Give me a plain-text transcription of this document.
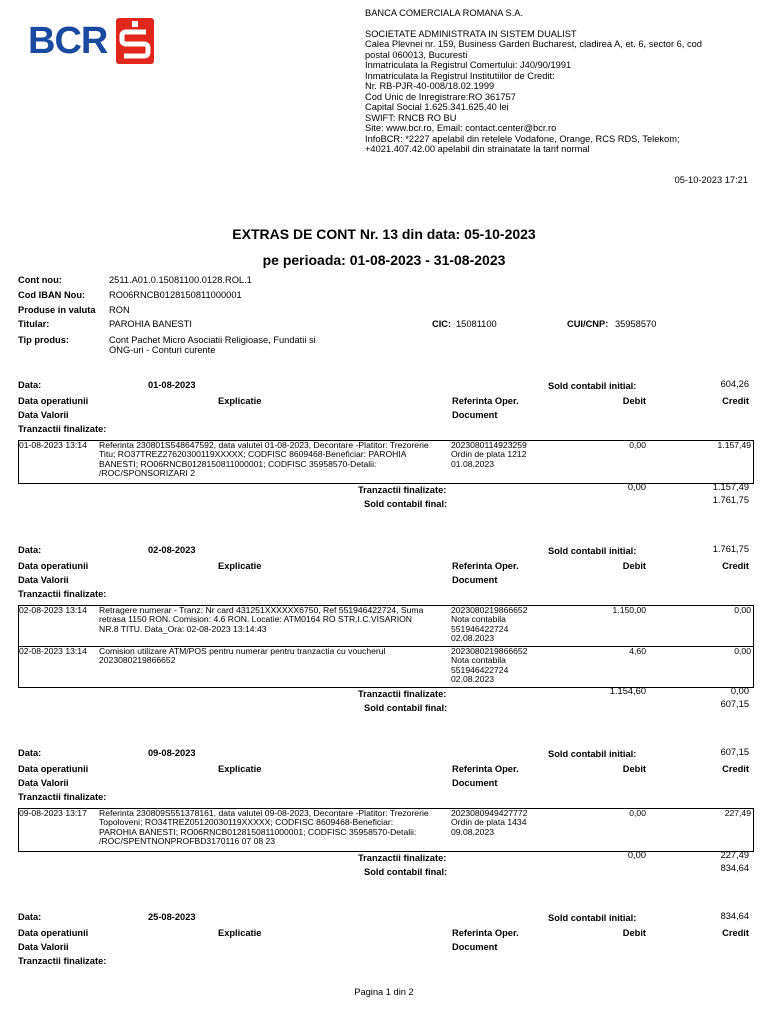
BCR
BANCA COMERCIALA ROMANA S.A.
SOCIETATE ADMINISTRATA IN SISTEM DUALIST
Calea Plevnei nr. 159, Business Garden Bucharest, cladirea A, et. 6, sector 6, cod
postal 060013, Bucuresti
Inmatriculata la Registrul Comertului: J40/90/1991
Inmatriculata la Registrul Institutiilor de Credit:
Nr. RB-PJR-40-008/18.02.1999
Cod Unic de Inregistrare:RO 361757
Capital Social 1.625.341.625,40 lei
SWIFT: RNCB RO BU
Site: www.bcr.ro, Email: contact.center@bcr.ro
InfoBCR: *2227 apelabil din retelele Vodafone, Orange, RCS RDS, Telekom;
+4021.407.42.00 apelabil din strainatate la tarif normal
05-10-2023 17:21
EXTRAS DE CONT Nr. 13 din data: 05-10-2023
pe perioada: 01-08-2023 - 31-08-2023
Cont nou:	2511.A01.0.15081100.0128.ROL.1
Cod IBAN Nou:	RO06RNCB0128150811000001
Produse in valuta RON
Titular:	PAROHIA BANESTI	CIC: 15081100	CUI/CNP: 35958570
Tip produs:	Cont Pachet Micro Asociatii Religioase, Fundatii si
ONG-uri - Conturi curente
Data:	01-08-2023	Sold contabil initial:	604,26
Data operatiunii	Explicatie	Referinta Oper.	Debit	Credit
Data Valorii	Document
Tranzactii finalizate:
01-08-2023 13:14 Referinta 230801S548647592, data valutei 01-08-2023, Decontare -Platitor: Trezorerie
Titu; RO37TREZ27620300119XXXXX; CODFISC 8609468-Beneficiar: PAROHIA
BANESTI; RO06RNCB0128150811000001; CODFISC 35958570-Detalii:
/ROC/SPONSORIZARI 2
2023080114923259
Ordin de plata 1212
01.08.2023
0,00	1.157,49
Tranzactii finalizate:	0,00	1.157,49
Sold contabil final:	1.761,75
Data:	02-08-2023	Sold contabil initial:	1.761,75
Data operatiunii	Explicatie	Referinta Oper.	Debit	Credit
Data Valorii	Document
Tranzactii finalizate:
02-08-2023 13:14 Retragere numerar - Tranz: Nr card 431251XXXXXX6750, Ref 551946422724, Suma
retrasa 1150 RON. Comision: 4.6 RON. Locatie: ATM0164 RO STR.I.C.VISARION
NR.8 TITU. Data_Ora: 02-08-2023 13:14:43
2023080219866652
Nota contabila
551946422724
02.08.2023
1.150,00	0,00
02-08-2023 13:14 Comision utilizare ATM/POS pentru numerar pentru tranzactia cu voucherul
2023080219866652
2023080219866652
Nota contabila
551946422724
02.08.2023
4,60	0,00
Tranzactii finalizate:	1.154,60	0,00
Sold contabil final:	607,15
Data:	09-08-2023	Sold contabil initial:	607,15
Data operatiunii	Explicatie	Referinta Oper.	Debit	Credit
Data Valorii	Document
Tranzactii finalizate:
09-08-2023 13:17 Referinta 230809S551378161, data valutei 09-08-2023, Decontare -Platitor: Trezorerie
Topoloveni; RO34TREZ05120030119XXXXX; CODFISC 8609468-Beneficiar:
PAROHIA BANESTI; RO06RNCB0128150811000001; CODFISC 35958570-Detalii:
/ROC/SPENTNONPROFBD3170116 07 08 23
2023080949427772
Ordin de plata 1434
09.08.2023
0,00	227,49
Tranzactii finalizate:	0,00	227,49
Sold contabil final:	834,64
Data:	25-08-2023	Sold contabil initial:	834,64
Data operatiunii	Explicatie	Referinta Oper.	Debit	Credit
Data Valorii	Document
Tranzactii finalizate:
Pagina 1 din 2
